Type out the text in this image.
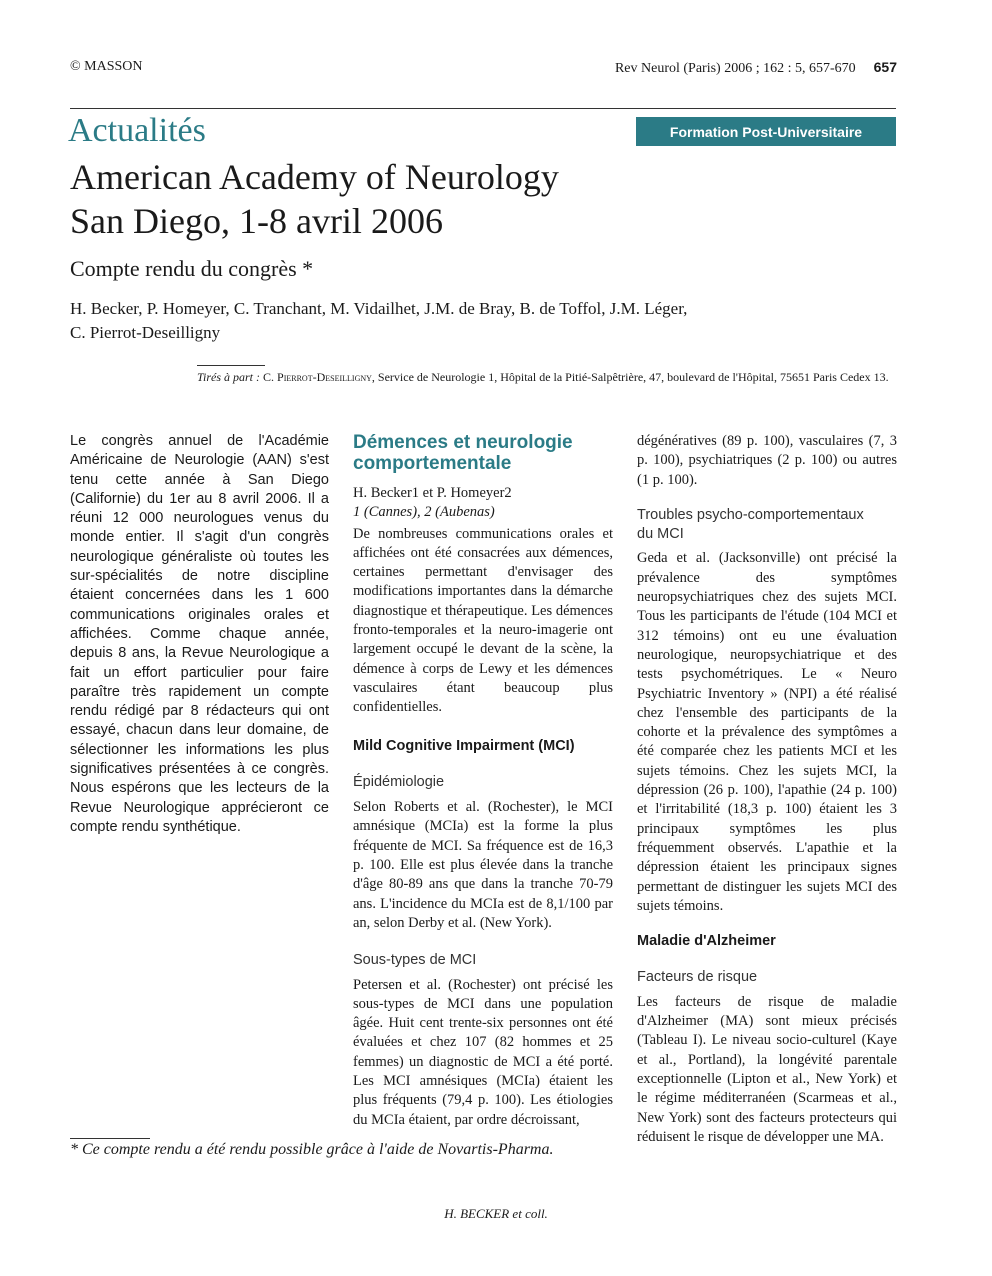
© MASSON	Rev Neurol (Paris) 2006 ; 162 : 5, 657-670 657
Actualités	Formation Post-Universitaire
American Academy of Neurology
San Diego, 1-8 avril 2006
Compte rendu du congrès *
H. Becker, P. Homeyer, C. Tranchant, M. Vidailhet, J.M. de Bray, B. de Toffol, J.M. Léger,
C. Pierrot-Deseilligny
Tirés à part : C. Pierrot-Deseilligny, Service de Neurologie 1, Hôpital de la Pitié-Salpêtrière, 47, boulevard de l'Hôpital, 75651 Paris Cedex 13.

Le congrès annuel de l'Académie Américaine de Neurologie (AAN) s'est tenu cette année à San Diego (Californie) du 1er au 8 avril 2006. Il a réuni 12 000 neurologues venus du monde entier. Il s'agit d'un congrès neurologique généraliste où toutes les sur-spécialités de notre discipline étaient concernées dans les 1 600 communications originales orales et affichées. Comme chaque année, depuis 8 ans, la Revue Neurologique a fait un effort particulier pour faire paraître très rapidement un compte rendu rédigé par 8 rédacteurs qui ont essayé, chacun dans leur domaine, de sélectionner les informations les plus significatives présentées à ce congrès. Nous espérons que les lecteurs de la Revue Neurologique apprécieront ce compte rendu synthétique.

Démences et neurologie comportementale

H. Becker1 et P. Homeyer2

1 (Cannes), 2 (Aubenas)

De nombreuses communications orales et affichées ont été consacrées aux démences, certaines permettant d'envisager des modifications importantes dans la démarche diagnostique et thérapeutique. Les démences fronto-temporales et la neuro-imagerie ont largement occupé le devant de la scène, la démence à corps de Lewy et les démences vasculaires étant beaucoup plus confidentielles.

Mild Cognitive Impairment (MCI)
Épidémiologie

Selon Roberts et al. (Rochester), le MCI amnésique (MCIa) est la forme la plus fréquente de MCI. Sa fréquence est de 16,3 p. 100. Elle est plus élevée dans la tranche d'âge 80-89 ans que dans la tranche 70-79 ans. L'incidence du MCIa est de 8,1/100 par an, selon Derby et al. (New York).

Sous-types de MCI

Petersen et al. (Rochester) ont précisé les sous-types de MCI dans une population âgée. Huit cent trente-six personnes ont été évaluées et chez 107 (82 hommes et 25 femmes) un diagnostic de MCI a été porté. Les MCI amnésiques (MCIa) étaient les plus fréquents (79,4 p. 100). Les étiologies du MCIa étaient, par ordre décroissant,

dégénératives (89 p. 100), vasculaires (7, 3 p. 100), psychiatriques (2 p. 100) ou autres (1 p. 100).

Troubles psycho-comportementaux du MCI

Geda et al. (Jacksonville) ont précisé la prévalence des symptômes neuropsychiatriques chez des sujets MCI. Tous les participants de l'étude (104 MCI et 312 témoins) ont eu une évaluation neurologique, neuropsychiatrique et des tests psychométriques. Le « Neuro Psychiatric Inventory » (NPI) a été réalisé chez l'ensemble des participants de la cohorte et la prévalence des symptômes a été comparée chez les patients MCI et les sujets témoins. Chez les sujets MCI, la dépression (26 p. 100), l'apathie (24 p. 100) et l'irritabilité (18,3 p. 100) étaient les 3 principaux symptômes les plus fréquemment observés. L'apathie et la dépression étaient les principaux signes permettant de distinguer les sujets MCI des sujets témoins.

Maladie d'Alzheimer
Facteurs de risque

Les facteurs de risque de maladie d'Alzheimer (MA) sont mieux précisés (Tableau I). Le niveau socio-culturel (Kaye et al., Portland), la longévité parentale exceptionnelle (Lipton et al., New York) et le régime méditerranéen (Scarmeas et al., New York) sont des facteurs protecteurs qui réduisent le risque de développer une MA.

* Ce compte rendu a été rendu possible grâce à l'aide de Novartis-Pharma.
H. BECKER et coll.
